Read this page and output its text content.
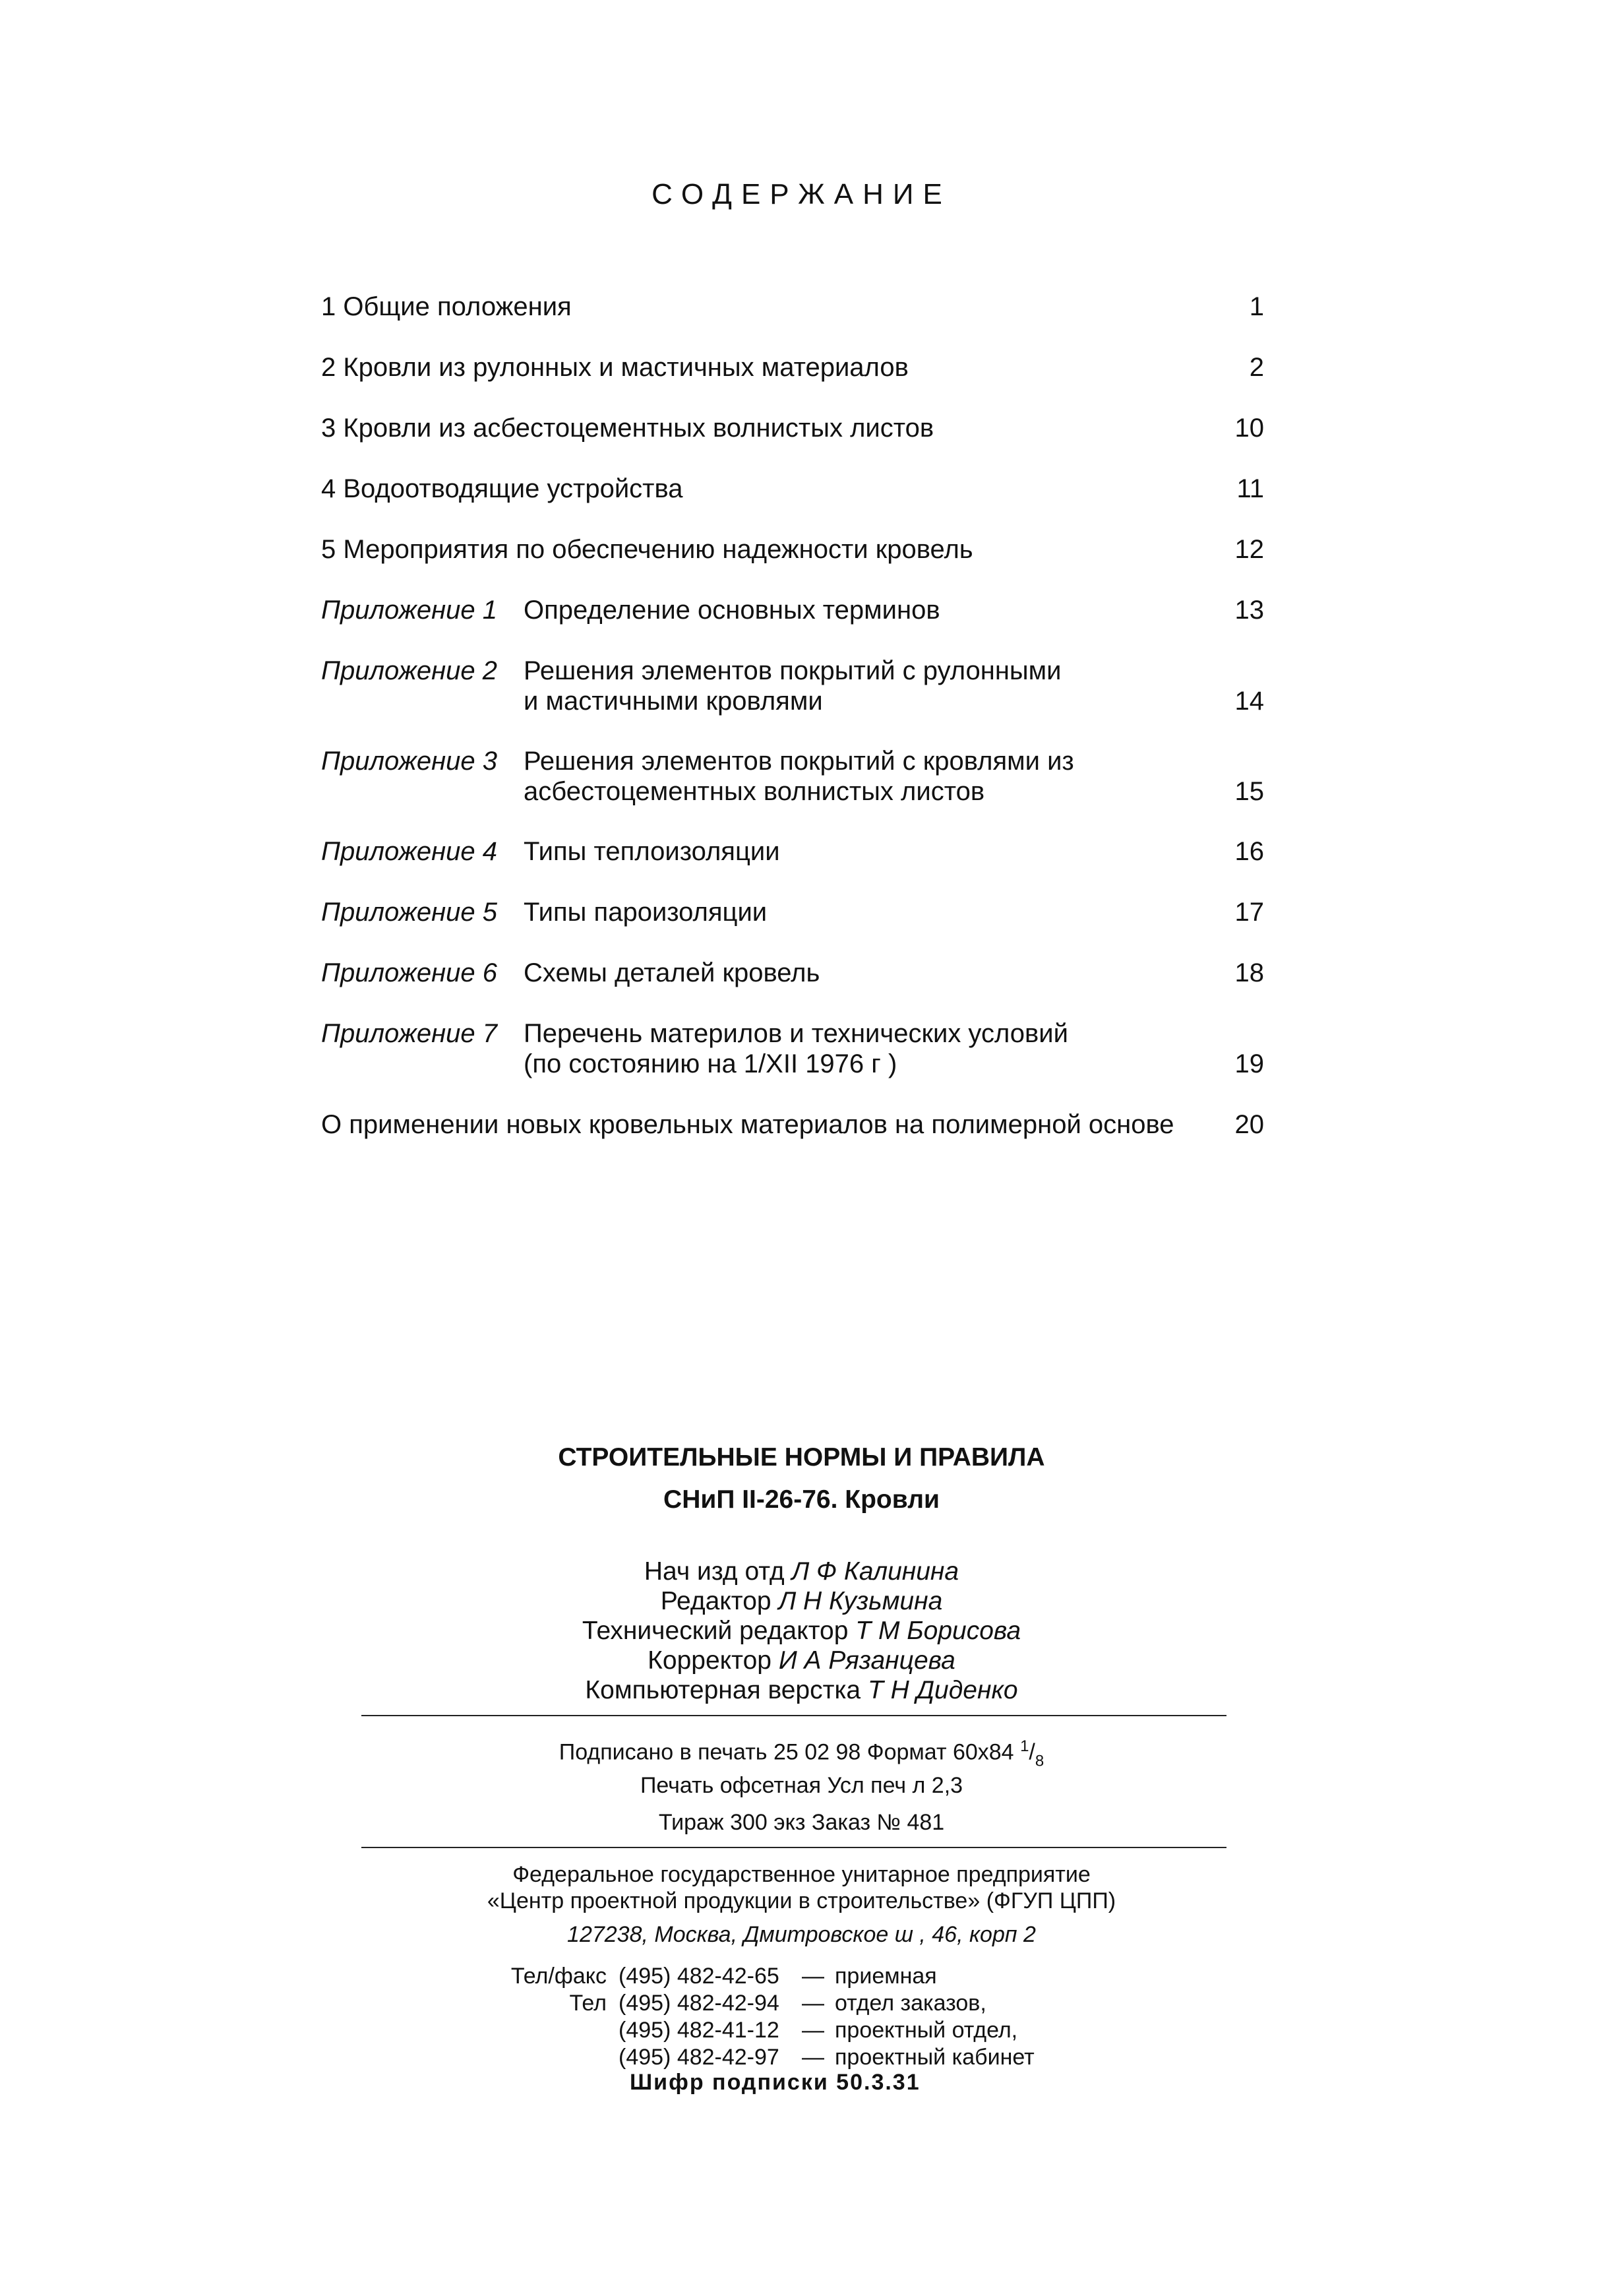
СОДЕРЖАНИЕ
1 Общие положения	1
2 Кровли из рулонных и мастичных материалов	2
3 Кровли из асбестоцементных волнистых листов	10
4 Водоотводящие устройства	11
5 Мероприятия по обеспечению надежности кровель	12
Приложение 1 Определение основных терминов	13
Приложение 2 Решения элементов покрытий с рулонными
и мастичными кровлями	14
Приложение 3 Решения элементов покрытий с кровлями из
асбестоцементных волнистых листов	15
Приложение 4 Типы теплоизоляции	16
Приложение 5 Типы пароизоляции	17
Приложение 6 Схемы деталей кровель	18
Приложение 7 Перечень материлов и технических условий
(по состоянию на 1/XII 1976 г )	19
О применении новых кровельных материалов на полимерной основе 20
СТРОИТЕЛЬНЫЕ НОРМЫ И ПРАВИЛА
СНиП II-26-76. Кровли
Нач изд отд Л Ф Калинина
Редактор Л Н Кузьмина
Технический редактор Т М Борисова
Корректор И А Рязанцева
Компьютерная верстка Т Н Диденко
Подписано в печать 25 02 98 Формат 60x84 $^1/_8$
Печать офсетная Усл печ л 2,3
Тираж 300 экз Заказ № 481
Федеральное государственное унитарное предприятие
«Центр проектной продукции в строительстве» (ФГУП ЦПП)
127238, Москва, Дмитровское ш , 46, корп 2
Тел/факс (495) 482-42-65	— приемная
Тел (495) 482-42-94	— отдел заказов,
(495) 482-41-12	— проектный отдел,
(495) 482-42-97	— проектный кабинет
Шифр подписки 50.3.31
